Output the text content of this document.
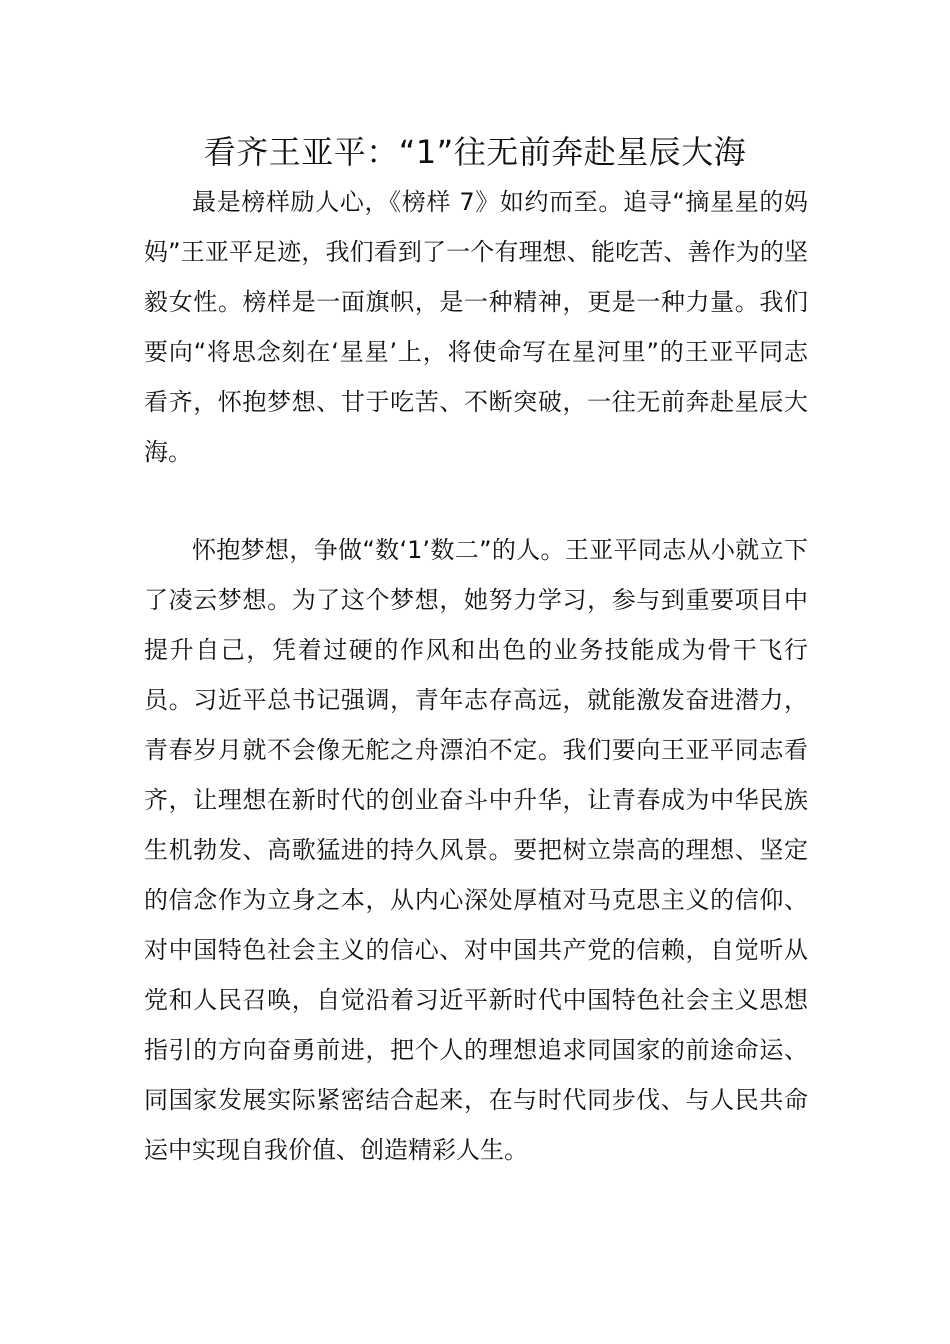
看齐王亚平：“1”往无前奔赴星辰大海

最是榜样励人心，《榜样 7》如约而至。追寻“摘星星的妈妈”王亚平足迹，我们看到了一个有理想、能吃苦、善作为的坚毅女性。榜样是一面旗帜，是一种精神，更是一种力量。我们要向“将思念刻在‘星星’上，将使命写在星河里”的王亚平同志看齐，怀抱梦想、甘于吃苦、不断突破，一往无前奔赴星辰大海。

怀抱梦想，争做“数‘1’数二”的人。王亚平同志从小就立下了凌云梦想。为了这个梦想，她努力学习，参与到重要项目中提升自己，凭着过硬的作风和出色的业务技能成为骨干飞行员。习近平总书记强调，青年志存高远，就能激发奋进潜力，青春岁月就不会像无舵之舟漂泊不定。我们要向王亚平同志看齐，让理想在新时代的创业奋斗中升华，让青春成为中华民族生机勃发、高歌猛进的持久风景。要把树立崇高的理想、坚定的信念作为立身之本，从内心深处厚植对马克思主义的信仰、对中国特色社会主义的信心、对中国共产党的信赖，自觉听从党和人民召唤，自觉沿着习近平新时代中国特色社会主义思想指引的方向奋勇前进，把个人的理想追求同国家的前途命运、同国家发展实际紧密结合起来，在与时代同步伐、与人民共命运中实现自我价值、创造精彩人生。
